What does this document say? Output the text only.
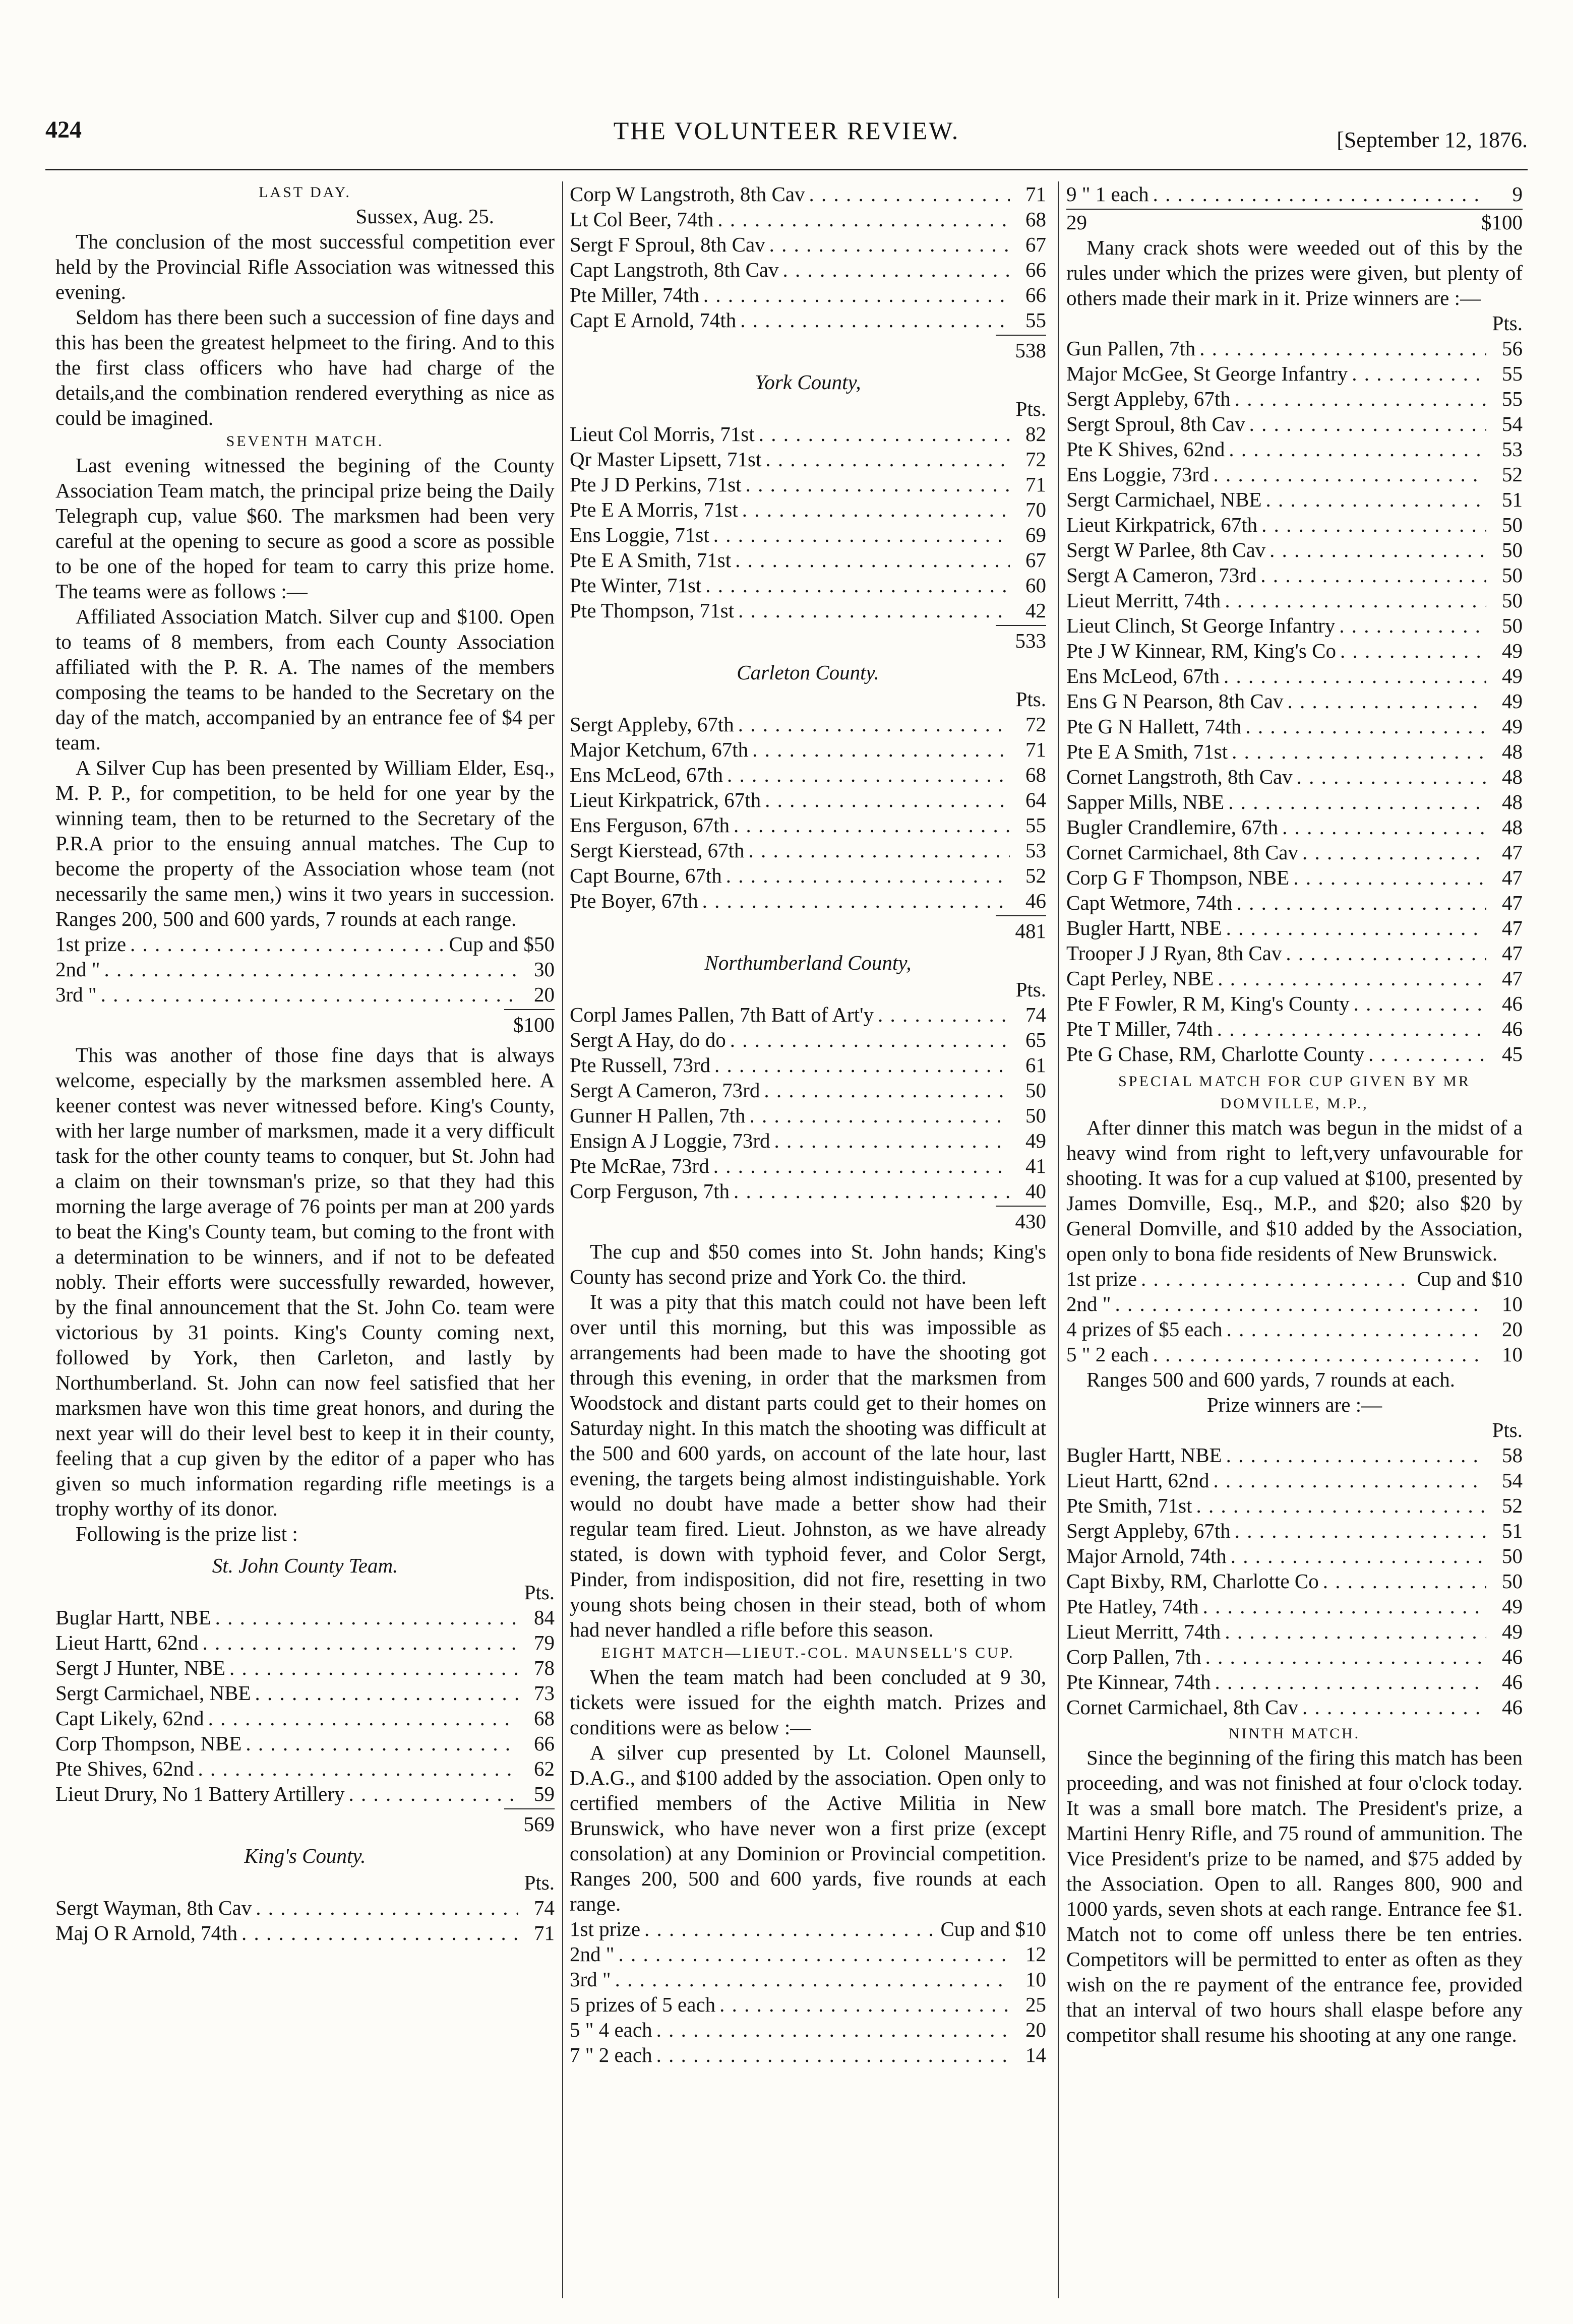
424	THE VOLUNTEER REVIEW.	[September 12, 1876.
LAST DAY.
Sussex, Aug. 25.

The conclusion of the most successful competition ever held by the Provincial Rifle Association was witnessed this evening.

Seldom has there been such a succession of fine days and this has been the greatest helpmeet to the firing. And to this the first class officers who have had charge of the details,and the combination rendered everything as nice as could be imagined.

SEVENTH MATCH.

Last evening witnessed the begining of the County Association Team match, the principal prize being the Daily Telegraph cup, value $60. The marksmen had been very careful at the opening to secure as good a score as possible to be one of the hoped for team to carry this prize home. The teams were as follows :—

Affiliated Association Match. Silver cup and $100. Open to teams of 8 members, from each County Association affiliated with the P. R. A. The names of the members composing the teams to be handed to the Secretary on the day of the match, accompanied by an entrance fee of $4 per team.

A Silver Cup has been presented by William Elder, Esq., M. P. P., for competition, to be held for one year by the winning team, then to be returned to the Secretary of the P.R.A prior to the ensuing annual matches. The Cup to become the property of the Association whose team (not necessarily the same men,) wins it two years in succession. Ranges 200, 500 and 600 yards, 7 rounds at each range.

1st prize . . .	Cup and $50
2nd " . . .	30
3rd " . . .	20
$100

This was another of those fine days that is always welcome, especially by the marksmen assembled here. A keener contest was never witnessed before. King's County, with her large number of marksmen, made it a very difficult task for the other county teams to conquer, but St. John had a claim on their townsman's prize, so that they had this morning the large average of 76 points per man at 200 yards to beat the King's County team, but coming to the front with a determination to be winners, and if not to be defeated nobly. Their efforts were successfully rewarded, however, by the final announcement that the St. John Co. team were victorious by 31 points. King's County coming next, followed by York, then Carleton, and lastly by Northumberland. St. John can now feel satisfied that her marksmen have won this time great honors, and during the next year will do their level best to keep it in their county, feeling that a cup given by the editor of a paper who has given so much information regarding rifle meetings is a trophy worthy of its donor.

Following is the prize list :

St. John County Team.
Pts.
Buglar Hartt, NBE . . .	84
Lieut Hartt, 62nd . . .	79
Sergt J Hunter, NBE . . .	78
Sergt Carmichael, NBE . . .	73
Capt Likely, 62nd . . .	68
Corp Thompson, NBE . . .	66
Pte Shives, 62nd . . .	62
Lieut Drury, No 1 Battery Artillery . . .	59
569
King's County.
Pts.
Sergt Wayman, 8th Cav . . .	74
Maj O R Arnold, 74th . . .	71
Corp W Langstroth, 8th Cav . . .	71
Lt Col Beer, 74th . . .	68
Sergt F Sproul, 8th Cav . . .	67
Capt Langstroth, 8th Cav . . .	66
Pte Miller, 74th . . .	66
Capt E Arnold, 74th . . .	55
538
York County,
Pts.
Lieut Col Morris, 71st . . .	82
Qr Master Lipsett, 71st . . .	72
Pte J D Perkins, 71st . . .	71
Pte E A Morris, 71st . . .	70
Ens Loggie, 71st . . .	69
Pte E A Smith, 71st . . .	67
Pte Winter, 71st . . .	60
Pte Thompson, 71st . . .	42
533
Carleton County.
Pts.
Sergt Appleby, 67th . . .	72
Major Ketchum, 67th . . .	71
Ens McLeod, 67th . . .	68
Lieut Kirkpatrick, 67th . . .	64
Ens Ferguson, 67th . . .	55
Sergt Kierstead, 67th . . .	53
Capt Bourne, 67th . . .	52
Pte Boyer, 67th . . .	46
481
Northumberland County,
Pts.
Corpl James Pallen, 7th Batt of Art'y . . .	74
Sergt A Hay, do do . . .	65
Pte Russell, 73rd . . .	61
Sergt A Cameron, 73rd . . .	50
Gunner H Pallen, 7th . . .	50
Ensign A J Loggie, 73rd . . .	49
Pte McRae, 73rd . . .	41
Corp Ferguson, 7th . . .	40
430

The cup and $50 comes into St. John hands; King's County has second prize and York Co. the third.

It was a pity that this match could not have been left over until this morning, but this was impossible as arrangements had been made to have the shooting got through this evening, in order that the marksmen from Woodstock and distant parts could get to their homes on Saturday night. In this match the shooting was difficult at the 500 and 600 yards, on account of the late hour, last evening, the targets being almost indistinguishable. York would no doubt have made a better show had their regular team fired. Lieut. Johnston, as we have already stated, is down with typhoid fever, and Color Sergt, Pinder, from indisposition, did not fire, resetting in two young shots being chosen in their stead, both of whom had never handled a rifle before this season.

EIGHT MATCH—LIEUT.-COL. MAUNSELL'S CUP.

When the team match had been concluded at 9 30, tickets were issued for the eighth match. Prizes and conditions were as below :—

A silver cup presented by Lt. Colonel Maunsell, D.A.G., and $100 added by the association. Open only to certified members of the Active Militia in New Brunswick, who have never won a first prize (except consolation) at any Dominion or Provincial competition. Ranges 200, 500 and 600 yards, five rounds at each range.

1st prize . . .	Cup and $10
2nd " . . .	12
3rd " . . .	10
5 prizes of 5 each . . .	25
5 " 4 each . . .	20
7 " 2 each . . .	14
9 " 1 each . . .	9
29	$100

Many crack shots were weeded out of this by the rules under which the prizes were given, but plenty of others made their mark in it. Prize winners are :—

Pts.
Gun Pallen, 7th . . .	56
Major McGee, St George Infantry . . .	55
Sergt Appleby, 67th . . .	55
Sergt Sproul, 8th Cav . . .	54
Pte K Shives, 62nd . . .	53
Ens Loggie, 73rd . . .	52
Sergt Carmichael, NBE . . .	51
Lieut Kirkpatrick, 67th . . .	50
Sergt W Parlee, 8th Cav . . .	50
Sergt A Cameron, 73rd . . .	50
Lieut Merritt, 74th . . .	50
Lieut Clinch, St George Infantry . . .	50
Pte J W Kinnear, RM, King's Co . . .	49
Ens McLeod, 67th . . .	49
Ens G N Pearson, 8th Cav . . .	49
Pte G N Hallett, 74th . . .	49
Pte E A Smith, 71st . . .	48
Cornet Langstroth, 8th Cav . . .	48
Sapper Mills, NBE . . .	48
Bugler Crandlemire, 67th . . .	48
Cornet Carmichael, 8th Cav . . .	47
Corp G F Thompson, NBE . . .	47
Capt Wetmore, 74th . . .	47
Bugler Hartt, NBE . . .	47
Trooper J J Ryan, 8th Cav . . .	47
Capt Perley, NBE . . .	47
Pte F Fowler, R M, King's County . . .	46
Pte T Miller, 74th . . .	46
Pte G Chase, RM, Charlotte County . . .	45
SPECIAL MATCH FOR CUP GIVEN BY MR DOMVILLE, M.P.,

After dinner this match was begun in the midst of a heavy wind from right to left,very unfavourable for shooting. It was for a cup valued at $100, presented by James Domville, Esq., M.P., and $20; also $20 by General Domville, and $10 added by the Association, open only to bona fide residents of New Brunswick.

1st prize . . .	Cup and $10
2nd " . . .	10
4 prizes of $5 each . . .	20
5 " 2 each . . .	10

Ranges 500 and 600 yards, 7 rounds at each.

Prize winners are :—
Pts.
Bugler Hartt, NBE . . .	58
Lieut Hartt, 62nd . . .	54
Pte Smith, 71st . . .	52
Sergt Appleby, 67th . . .	51
Major Arnold, 74th . . .	50
Capt Bixby, RM, Charlotte Co . . .	50
Pte Hatley, 74th . . .	49
Lieut Merritt, 74th . . .	49
Corp Pallen, 7th . . .	46
Pte Kinnear, 74th . . .	46
Cornet Carmichael, 8th Cav . . .	46
NINTH MATCH.

Since the beginning of the firing this match has been proceeding, and was not finished at four o'clock today. It was a small bore match. The President's prize, a Martini Henry Rifle, and 75 round of ammunition. The Vice President's prize to be named, and $75 added by the Association. Open to all. Ranges 800, 900 and 1000 yards, seven shots at each range. Entrance fee $1. Match not to come off unless there be ten entries. Competitors will be permitted to enter as often as they wish on the re payment of the entrance fee, provided that an interval of two hours shall elaspe before any competitor shall resume his shooting at any one range.
